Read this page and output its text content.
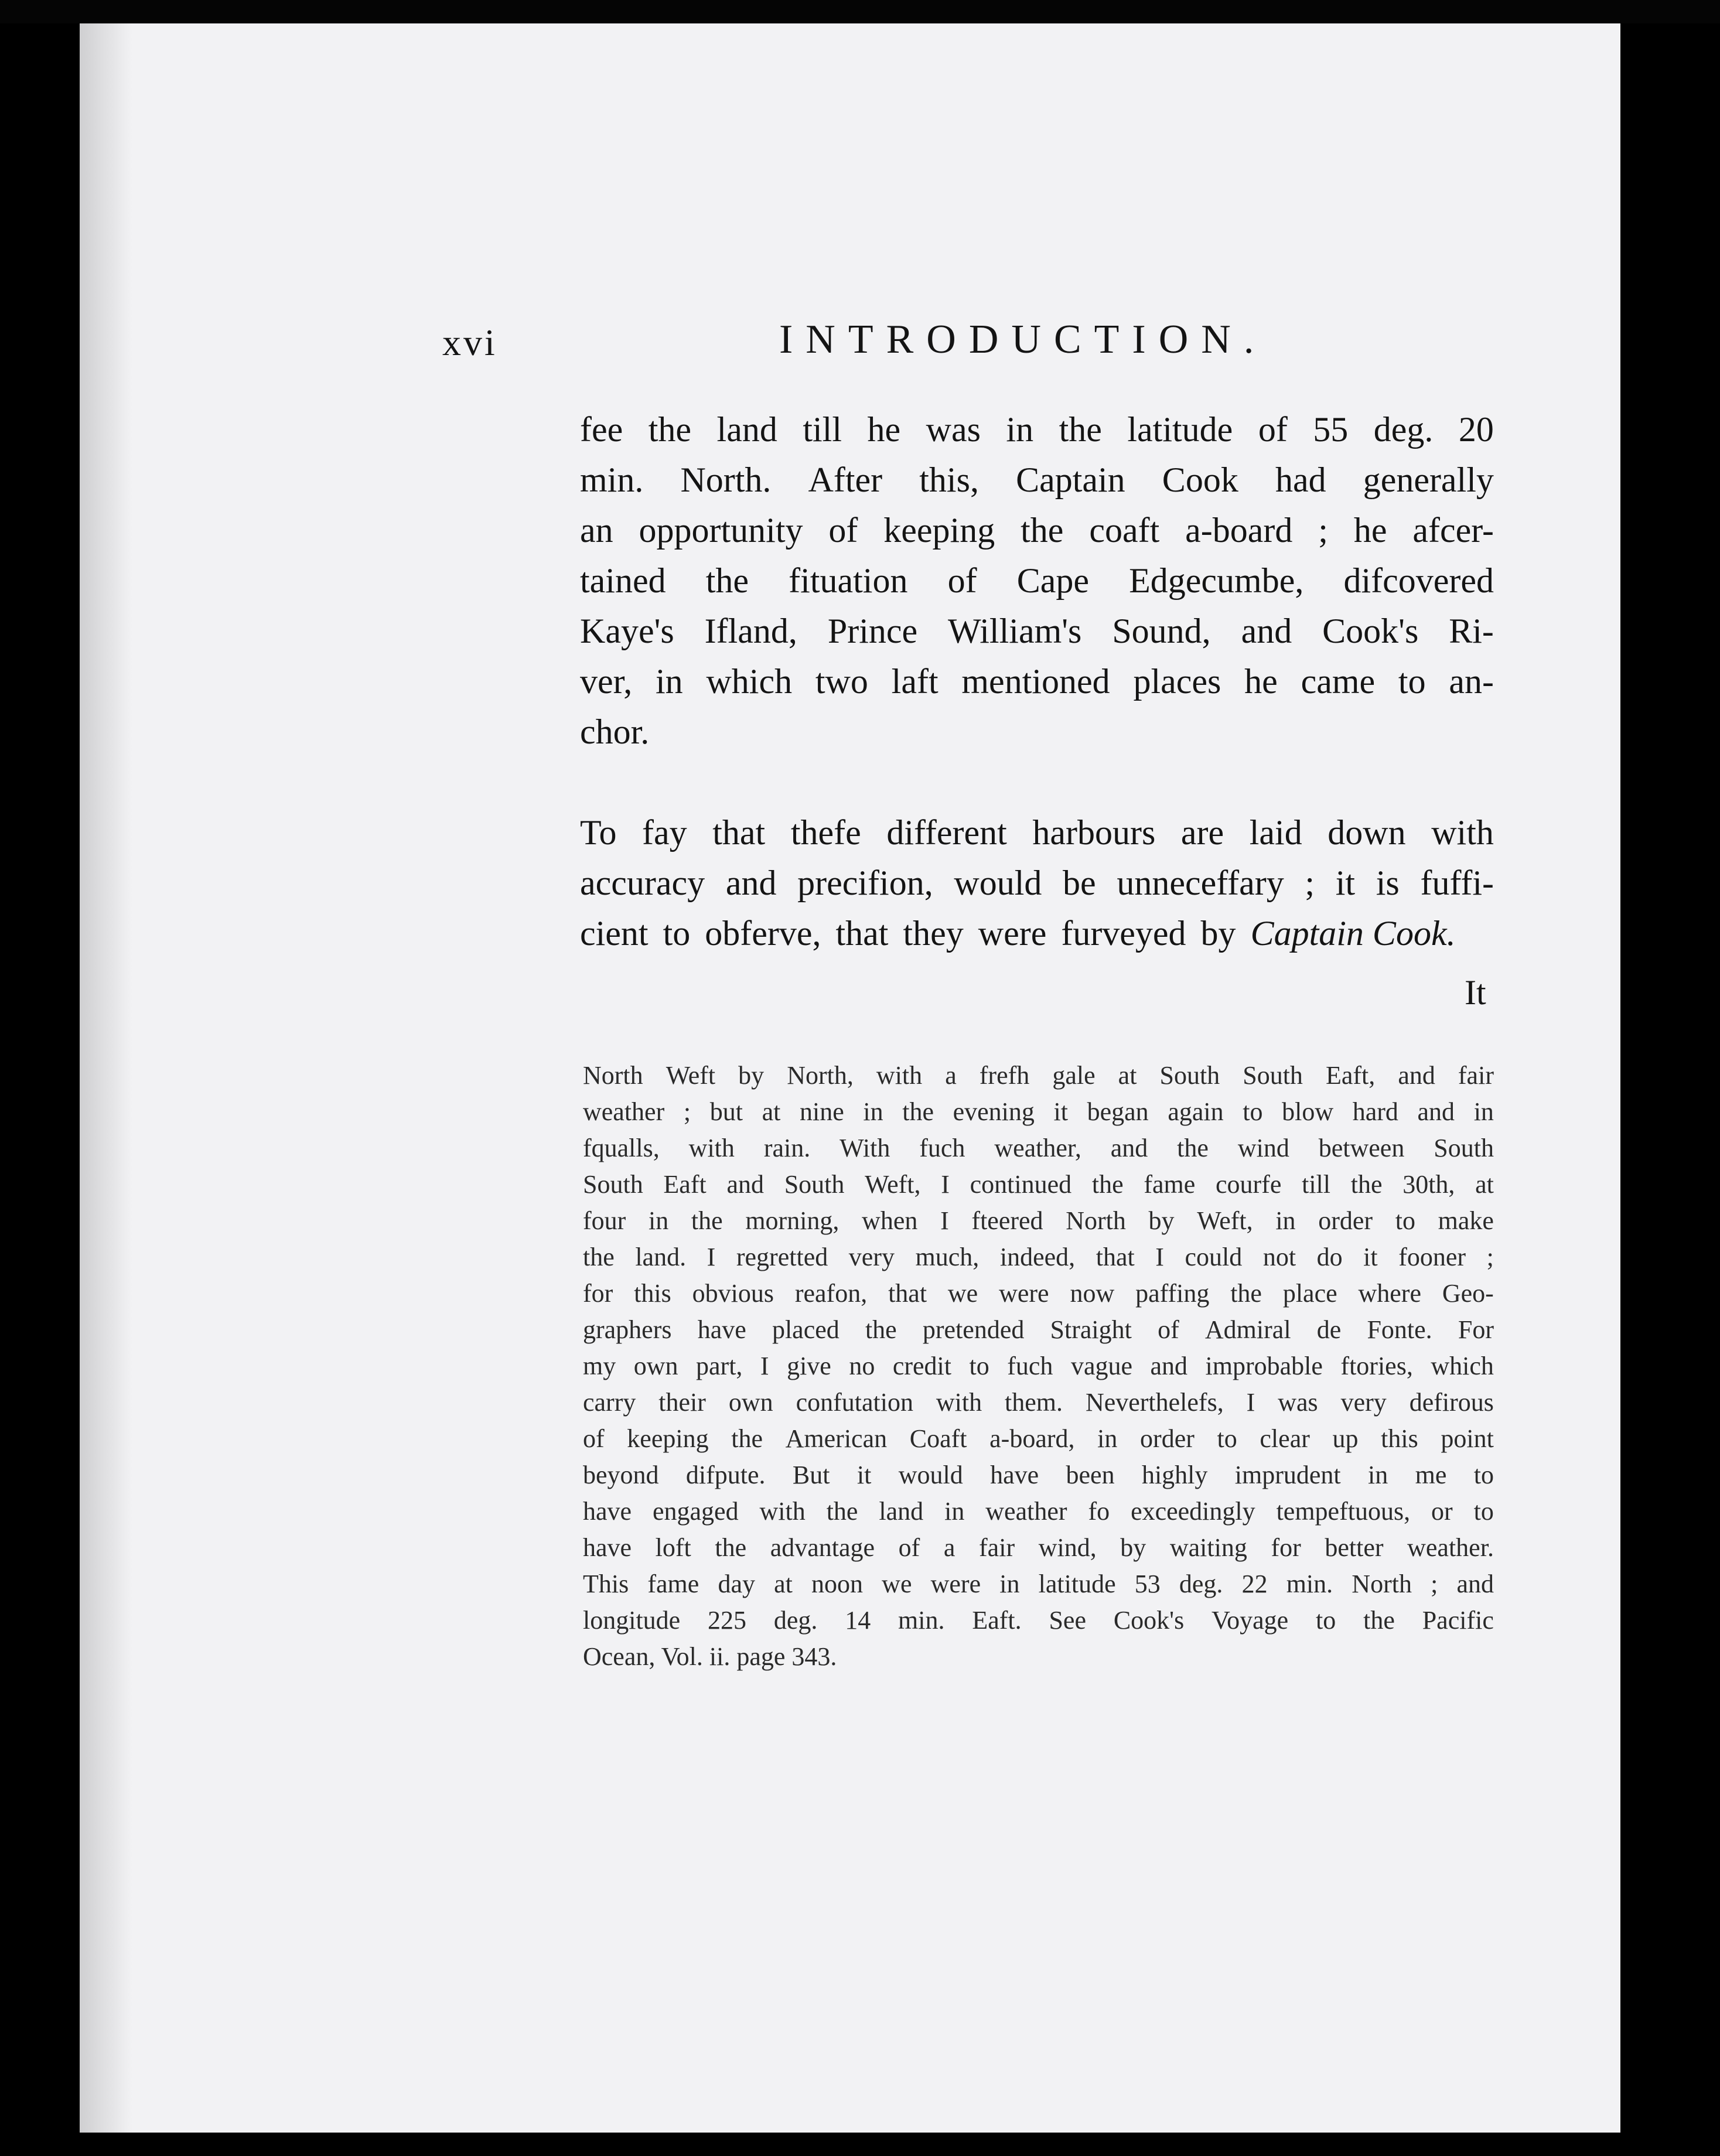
xvi	INTRODUCTION.
fee the land till he was in the latitude of 55 deg. 20
min. North. After this, Captain Cook had generally
an opportunity of keeping the coaft a-board ; he afcer-
tained the fituation of Cape Edgecumbe, difcovered
Kaye's Ifland, Prince William's Sound, and Cook's Ri-
ver, in which two laft mentioned places he came to an-
chor.
To fay that thefe different harbours are laid down with
accuracy and precifion, would be unneceffary ; it is fuffi-
cient to obferve, that they were furveyed by Captain Cook.
It
North Weft by North, with a frefh gale at South South Eaft, and fair
weather ; but at nine in the evening it began again to blow hard and in
fqualls, with rain. With fuch weather, and the wind between South
South Eaft and South Weft, I continued the fame courfe till the 30th, at
four in the morning, when I fteered North by Weft, in order to make
the land. I regretted very much, indeed, that I could not do it fooner ;
for this obvious reafon, that we were now paffing the place where Geo-
graphers have placed the pretended Straight of Admiral de Fonte. For
my own part, I give no credit to fuch vague and improbable ftories, which
carry their own confutation with them. Neverthelefs, I was very defirous
of keeping the American Coaft a-board, in order to clear up this point
beyond difpute. But it would have been highly imprudent in me to
have engaged with the land in weather fo exceedingly tempeftuous, or to
have loft the advantage of a fair wind, by waiting for better weather.
This fame day at noon we were in latitude 53 deg. 22 min. North ; and
longitude 225 deg. 14 min. Eaft. See Cook's Voyage to the Pacific
Ocean, Vol. ii. page 343.
